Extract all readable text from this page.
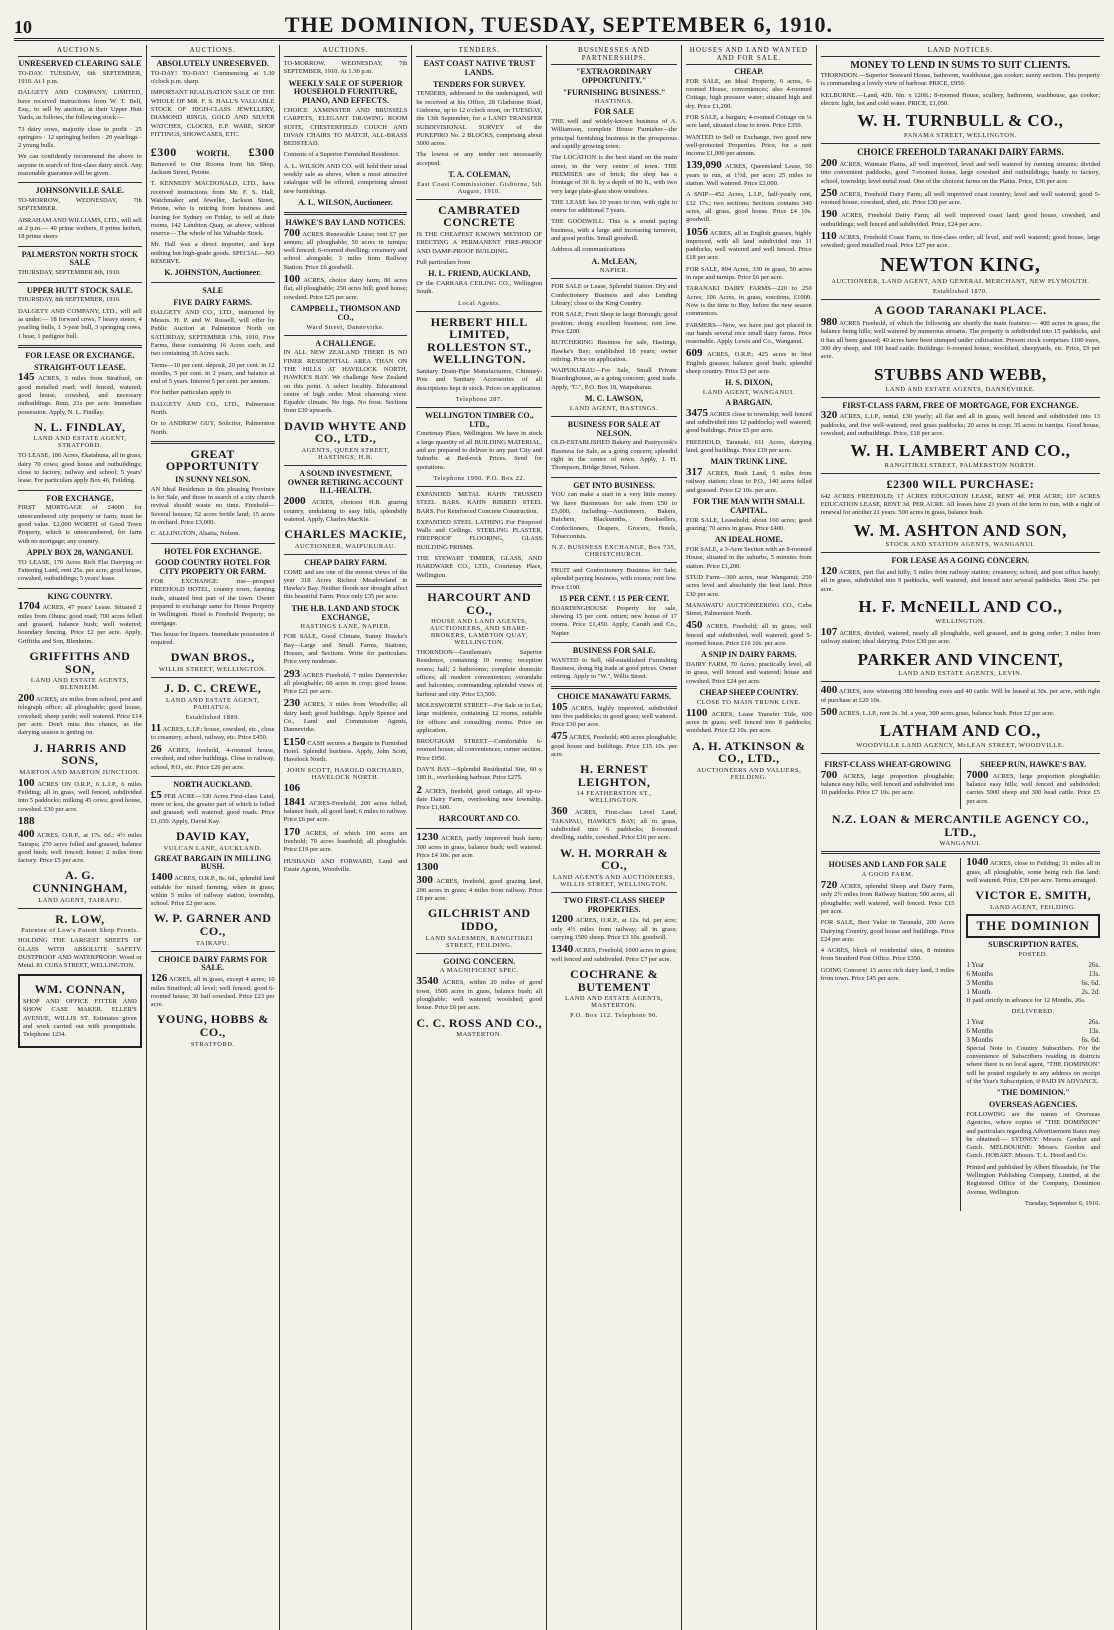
10	THE DOMINION, TUESDAY, SEPTEMBER 6, 1910.
AUCTIONS.
UNRESERVED CLEARING SALE

TO-DAY. TUESDAY, 6th SEPTEMBER, 1910. At 1 p.m.

DALGETY AND COMPANY, LIMITED, have received instructions from W. T. Bell, Esq., to sell by auction, at their Upper Hutt Yards, as follows, the following stock:—

73 dairy cows, majority close to profit · 25 springers · 12 springing heifers · 20 yearlings · 2 young bulls

We can confidently recommend the above to anyone in search of first-class dairy stock. Any reasonable guarantee will be given.

JOHNSONVILLE SALE.

TO-MORROW, WEDNESDAY, 7th SEPTEMBER.

ABRAHAM AND WILLIAMS, LTD., will sell at 2 p.m.— 40 prime wethers, 8 prime heifers, 18 prime steers

PALMERSTON NORTH STOCK SALE

THURSDAY, SEPTEMBER 8th, 1910.

UPPER HUTT STOCK SALE.

THURSDAY, 8th SEPTEMBER, 1910.

DALGETY AND COMPANY, LTD., will sell as under:— 18 forward cows, 7 heavy steers, 4 yearling bulls, 1 3-year bull, 3 springing cows, 1 boar, 1 pedigree bull.

FOR LEASE OR EXCHANGE.
STRAIGHT-OUT LEASE.

145 ACRES, 3 miles from Stratford, on good metalled road; well fenced, watered; good house, cowshed, and necessary outbuildings. Rent, 21s per acre. Immediate possession. Apply, N. L. Findlay.

N. L. FINDLAY,
LAND AND ESTATE AGENT, STRATFORD.

TO LEASE, 186 Acres, Ekatahuna, all in grass; dairy 70 cows; good house and outbuildings; close to factory, railway and school; 5 years' lease. For particulars apply Box 46, Feilding.

FOR EXCHANGE.

FIRST MORTGAGE of £4000 for unencumbered city property or farm; must be good value. £2,000 WORTH of Good Town Property, which is unencumbered, for farm with no mortgage; any country.

APPLY BOX 28, WANGANUI.

TO LEASE, 170 Acres Rich Flat Dairying or Fattening Land, rent 25s. per acre; good house, cowshed, outbuildings; 5 years' lease.

KING COUNTRY.

1704 ACRES, 47 years' Lease. Situated 2 miles from Ohura; good road; 700 acres felled and grassed, balance bush; well watered; boundary fencing. Price £2 per acre. Apply, Griffiths and Son, Blenheim.

GRIFFITHS AND SON,
LAND AND ESTATE AGENTS, BLENHEIM.

200 ACRES, six miles from school, post and telegraph office; all ploughable; good house, cowshed; sheep yards; well watered. Price £14 per acre. Don't miss this chance, as the dairying season is getting on.

J. HARRIS AND SONS,
MARTON AND MARTON JUNCTION.

100 ACRES ON O.R.P., 6 L.I.P., 6 miles Feilding; all in grass, well fenced, subdivided into 5 paddocks; milking 45 cows; good house, cowshed. £30 per acre.

188

400 ACRES, O.R.P., at 17s. 6d.; 4½ miles Tairapu; 270 acres felled and grassed, balance good bush; well fenced; house; 2 miles from factory. Price £5 per acre.

A. G. CUNNINGHAM,
LAND AGENT, TAIRAPU.
R. LOW,
Patentee of Low's Patent Shop Fronts.

HOLDING THE LARGEST SHEETS OF GLASS WITH ABSOLUTE SAFETY. DUSTPROOF AND WATERPROOF. Wood or Metal. 81 CUBA STREET, WELLINGTON.

WM. CONNAN,

SHOP AND OFFICE FITTER AND SHOW CASE MAKER. ELLER'S AVENUE, WILLIS ST. Estimates given and work carried out with promptitude. Telephone 1234.

AUCTIONS.
ABSOLUTELY UNRESERVED.

TO-DAY! TO-DAY! Commencing at 1.30 o'clock p.m. sharp.

IMPORTANT REALISATION SALE OF THE WHOLE OF MR. F. S. HALL'S VALUABLE STOCK OF HIGH-CLASS JEWELLERY, DIAMOND RINGS, GOLD AND SILVER WATCHES, CLOCKS, E.P. WARE, SHOP FITTINGS, SHOWCASES, ETC.

£300 WORTH. £300

Removed to Our Rooms from his Shop, Jackson Street, Petone.

T. KENNEDY MACDONALD, LTD., have received instructions from Mr. F. S. Hall, Watchmaker and Jeweller, Jackson Street, Petone, who is retiring from business and leaving for Sydney on Friday, to sell at their rooms, 142 Lambton Quay, as above, without reserve— The whole of his Valuable Stock.

Mr. Hall was a direct importer, and kept nothing but high-grade goods. SPECIAL—NO RESERVE.

K. JOHNSTON, Auctioneer.
SALE
FIVE DAIRY FARMS.

DALGETY AND CO., LTD., instructed by Messrs. H. P. and W. Russell, will offer by Public Auction at Palmerston North on SATURDAY, SEPTEMBER 17th, 1910, Five Farms, these containing 16 Acres each, and two containing 35 Acres each.

Terms—10 per cent. deposit, 20 per cent. in 12 months, 5 per cent. in 2 years, and balance at end of 5 years. Interest 5 per cent. per annum.

For further particulars apply to

DALGETY AND CO., LTD., Palmerston North.

Or to ANDREW GUY, Solicitor, Palmerston North.

GREAT OPPORTUNITY
IN SUNNY NELSON.

AN Ideal Residence in this pleasing Province is for Sale, and those in search of a city church revival should waste no time. Freehold—Several houses; 52 acres fertile land; 15 acres in orchard. Price £3,000.

C. ALLINGTON, Alsatia, Nelson.

HOTEL FOR EXCHANGE.
GOOD COUNTRY HOTEL FOR CITY PROPERTY OR FARM.

FOR EXCHANGE: rise—prospect FREEHOLD HOTEL, country town, farming trade, situated best part of the town. Owner prepared to exchange same for House Property in Wellington. Hotel is Freehold Property; no mortgage.

Ties house for liquors. Immediate possession if required.

DWAN BROS.,
WILLIS STREET, WELLINGTON.
J. D. C. CREWE,
LAND AND ESTATE AGENT, PAHIATUA.
Established 1889.

11 ACRES, L.I.P.; house, cowshed, etc., close to creamery, school, railway, etc. Price £450.

26 ACRES, freehold, 4-roomed house, cowshed, and other buildings. Close to railway, school, P.O., etc. Price £26 per acre.

NORTH AUCKLAND.

£5 PER ACRE—330 Acres First-class Land, more or less, the greater part of which is felled and grassed; well watered; good roads. Price £1,650. Apply, David Kay.

DAVID KAY,
VULCAN LANE, AUCKLAND.
GREAT BARGAIN IN MILLING BUSH.

1400 ACRES, O.R.P., 8s. 6d., splendid land suitable for mixed farming, when in grass; within 5 miles of railway station, township, school. Price £2 per acre.

W. P. GARNER AND CO.,
TAIRAPU.
CHOICE DAIRY FARMS FOR SALE.

126 ACRES, all in grass, except 4 acres; 10 miles Stratford; all level; well fenced; good 6-roomed house; 30 bail cowshed. Price £23 per acre.

YOUNG, HOBBS & CO.,
STRATFORD.
AUCTIONS.

TO-MORROW. WEDNESDAY, 7th SEPTEMBER, 1910. At 1.30 p.m.

WEEKLY SALE OF SUPERIOR HOUSEHOLD FURNITURE, PIANO, AND EFFECTS.

CHOICE AXMINSTER AND BRUSSELS CARPETS, ELEGANT DRAWING ROOM SUITE, CHESTERFIELD COUCH AND DIVAN CHAIRS TO MATCH, ALL-BRASS BEDSTEAD.

Contents of a Superior Furnished Residence.

A. L. WILSON AND CO. will hold their usual weekly sale as above, when a most attractive catalogue will be offered, comprising almost new furnishings.

A. L. WILSON, Auctioneer.
HAWKE'S BAY LAND NOTICES.

700 ACRES Renewable Lease; rent £7 per annum; all ploughable; 50 acres in turnips; well fenced; 6-roomed dwelling; creamery and school alongside; 3 miles from Railway Station. Price £6 goodwill.

100 ACRES, choice dairy farm; 80 acres flat, all ploughable; 250 acres hill; good house; cowshed. Price £25 per acre.

CAMPBELL, THOMSON AND CO.,
Ward Street, Dannevirke.
A CHALLENGE.

IN ALL NEW ZEALAND THERE IS NO FINER RESIDENTIAL AREA THAN ON THE HILLS AT HAVELOCK NORTH, HAWKE'S BAY. We challenge New Zealand on this point. A select locality. Educational centre of high order. Most charming view. Equable climate. No fogs. No frost. Sections from £30 upwards.

DAVID WHYTE AND CO., LTD.,
AGENTS, QUEEN STREET, HASTINGS, H.B.
A SOUND INVESTMENT, OWNER RETIRING ACCOUNT ILL-HEALTH.

2000 ACRES, choicest H.B. grazing country, undulating to easy hills, splendidly watered. Apply, Charles MacKie.

CHARLES MACKIE,
AUCTIONEER, WAIPUKURAU.
CHEAP DAIRY FARM.

COME and see one of the merest views of the year 318 Acres Richest Meadowland in Hawke's Bay. Neither floods nor drought affect this beautiful Farm. Price only £35 per acre.

THE H.B. LAND AND STOCK EXCHANGE,
HASTINGS LANE, NAPIER.

FOR SALE, Good Climate, Sunny Hawke's Bay—Large and Small Farms, Stations, Houses, and Sections. Write for particulars. Price very moderate.

293 ACRES Freehold, 7 miles Dannevirke; all ploughable; 60 acres in crop; good house. Price £21 per acre.

230 ACRES, 3 miles from Woodville; all dairy land; good buildings. Apply Spence and Co., Land and Commission Agents, Dannevirke.

£150 CASH secures a Bargain in Furnished Hotel. Splendid business. Apply, John Scott, Havelock North.

JOHN SCOTT, HAROLD ORCHARD, HAVELOCK NORTH.

106

1841 ACRES-Freehold, 200 acres felled, balance bush, all good land; 6 miles to railway. Price £6 per acre.

170 ACRES, of which 100 acres are freehold; 70 acres leasehold; all ploughable. Price £19 per acre.

HUSBAND AND FORWARD, Land and Estate Agents, Woodville.

TENDERS.
EAST COAST NATIVE TRUST LANDS.
TENDERS FOR SURVEY.

TENDERS, addressed to the undersigned, will be received at his Office, 28 Gladstone Road, Gisborne, up to 12 o'clock noon, on TUESDAY, the 13th September, for a LAND TRANSFER SUBDIVISIONAL SURVEY of the PUKEPIRO No. 2 BLOCKS, comprising about 3000 acres.

The lowest or any tender not necessarily accepted.

T. A. COLEMAN,
East Coast Commissioner. Gisborne, 5th August, 1910.
CAMBRATED CONCRETE

IS THE CHEAPEST KNOWN METHOD OF ERECTING A PERMANENT FIRE-PROOF AND DAMP-PROOF BUILDING.

Full particulars from

H. L. FRIEND, AUCKLAND,

Or the CARRARA CEILING CO., Wellington South.

Local Agents.
HERBERT HILL LIMITED, ROLLESTON ST., WELLINGTON.

Sanitary Drain-Pipe Manufacturers, Chimney-Pots and Sanitary Accessories of all descriptions kept in stock. Prices on application.

Telephone 287.
WELLINGTON TIMBER CO., LTD.,

Courtenay Place, Wellington. We have in stock a large quantity of all BUILDING MATERIAL, and are prepared to deliver to any part City and Suburbs at Bed-rock Prices. Send for quotations.

Telephone 1990. P.O. Box 22.

EXPANDED METAL KAHN TRUSSED STEEL BARS. KAHN RIBBED STEEL BARS. For Reinforced Concrete Construction.

EXPANDED STEEL LATHING For Fireproof Walls and Ceilings. STERLING PLASTER, FIREPROOF FLOORING, GLASS BUILDING PRISMS.

THE STEWART TIMBER, GLASS, AND HARDWARE CO., LTD., Courtenay Place, Wellington.

HARCOURT AND CO.,
HOUSE AND LAND AGENTS, AUCTIONEERS, AND SHARE-BROKERS, LAMBTON QUAY, WELLINGTON.

THORNDON—Gentleman's Superior Residence, containing 10 rooms; reception rooms; hall; 2 bathrooms; complete domestic offices; all modern conveniences; verandahs and balconies, commanding splendid views of harbour and city. Price £3,500.

MOLESWORTH STREET—For Sale or to Let, large residence, containing 12 rooms, suitable for offices and consulting rooms. Price on application.

BROUGHAM STREET—Comfortable 6-roomed house; all conveniences; corner section. Price £950.

DAY'S BAY—Splendid Residential Site, 60 x 180 ft., overlooking harbour. Price £275.

2 ACRES, freehold, good cottage, all up-to-date Dairy Farm, overlooking new township. Price £1,600.

HARCOURT AND CO.

1230 ACRES, partly improved bush farm; 300 acres in grass, balance bush; well watered. Price £4 10s. per acre.

1300

300 ACRES, freehold, good grazing land, 200 acres in grass; 4 miles from railway. Price £8 per acre.

GILCHRIST AND IDDO,
LAND SALESMEN, RANGITIKEI STREET, FEILDING.
GOING CONCERN.
A MAGNIFICENT SPEC.

3540 ACRES, within 20 miles of good town, 1500 acres in grass, balance bush; all ploughable; well watered; woolshed; good house. Price £6 per acre.

C. C. ROSS AND CO.,
MASTERTON.
BUSINESSES AND PARTNERSHIPS.
"EXTRAORDINARY OPPORTUNITY."
"FURNISHING BUSINESS."
HASTINGS.
FOR SALE

THE well and widely-known business of A. Williamson, complete House Furnisher—the principal furnishing business in the prosperous and rapidly growing town.

The LOCATION is the best stand on the main street, in the very centre of town. THE PREMISES are of brick; the shop has a frontage of 30 ft. by a depth of 80 ft., with two very large plate-glass show windows.

THE LEASE has 10 years to run, with right to renew for additional 7 years.

THE GOODWILL: This is a sound paying business, with a large and increasing turnover, and good profits. Small goodwill.

Address all communications

A. McLEAN,
NAPIER.

FOR SALE or Lease, Splendid Station. Dry and Confectionery Business and also Lending Library; close to the King Country.

FOR SALE, Fruit Shop in large Borough; good position; doing excellent business; rent low. Price £200.

BUTCHERING Business for sale, Hastings, Hawke's Bay; established 18 years; owner retiring. Price on application.

WAIPUKURAU—For Sale, Small Private Boardinghouse, as a going concern; good trade. Apply, "C.", P.O. Box 18, Waipukurau.

M. C. LAWSON,
LAND AGENT, HASTINGS.
BUSINESS FOR SALE AT NELSON.

OLD-ESTABLISHED Bakery and Pastrycook's Business for Sale, as a going concern; splendid right in the centre of town. Apply, J. H. Thompson, Bridge Street, Nelson.

GET INTO BUSINESS.

YOU can make a start in a very little money. We have Businesses for sale from £50 to £5,000, including—Auctioneers, Bakers, Butchers, Blacksmiths, Booksellers, Confectioners, Drapers, Grocers, Hotels, Tobacconists.

N.Z. BUSINESS EXCHANGE, Box 735, CHRISTCHURCH.

FRUIT and Confectionery Business for Sale; splendid paying business, with rooms; rent low. Price £100.

15 PER CENT. ! 15 PER CENT.

BOARDINGHOUSE Property for sale, showing 15 per cent. return; new house of 17 rooms. Price £1,450. Apply, Caruth and Co., Napier.

BUSINESS FOR SALE.

WANTED to Sell, old-established Furnishing Business, doing big trade at good prices. Owner retiring. Apply to "W.", Willis Street.

CHOICE MANAWATU FARMS.

105 ACRES, highly improved, subdivided into five paddocks; in good grass; well watered. Price £30 per acre.

475 ACRES, Freehold; 400 acres ploughable; good house and buildings. Price £15 10s. per acre.

H. ERNEST LEIGHTON,
14 FEATHERSTON ST., WELLINGTON.

360 ACRES, First-class Level Land, TAKAPAU, HAWKE'S BAY; all in grass, subdivided into 6 paddocks; 8-roomed dwelling, stable, cowshed. Price £16 per acre.

W. H. MORRAH & CO.,
LAND AGENTS AND AUCTIONEERS, WILLIS STREET, WELLINGTON.
TWO FIRST-CLASS SHEEP PROPERTIES.

1200 ACRES, O.R.P., at 12s. 6d. per acre; only 4½ miles from railway; all in grass; carrying 1500 sheep. Price £3 10s. goodwill.

1340 ACRES, Freehold, 1000 acres in grass; well fenced and subdivided. Price £7 per acre.

COCHRANE & BUTEMENT
LAND AND ESTATE AGENTS, MASTERTON.
P.O. Box 112. Telephone 90.
HOUSES AND LAND WANTED AND FOR SALE.
CHEAP.

FOR SALE, an Ideal Property, 6 acres, 6-roomed House, conveniences; also 4-roomed Cottage, high pressure water; situated high and dry. Price £1,200.

FOR SALE, a bargain, 4-roomed Cottage on ¼ acre land, situated close to town. Price £350.

WANTED to Sell or Exchange, two good new well-protected Properties. Price, for a nett income £1,000 per annum.

139,090 ACRES, Queensland Lease, 50 years to run, at 1½d. per acre; 25 miles to station. Well watered. Price £2,000.

A SNIP—452 Acres, L.I.P., half-yearly rent, £32 17s.; two sections; Sections contains 340 acres, all grass, good house. Price £4 10s. goodwill.

1056 ACRES, all in English grasses, highly improved, with all land subdivided into 11 paddocks, well watered and well fenced. Price £18 per acre.

FOR SALE, 804 Acres, 330 in grass, 50 acres in rape and turnips. Price £6 per acre.

TARANAKI DAIRY FARMS—220 to 250 Acres; 106 Acres, in grass, erections, £1000. Now is the time to Buy, before the new season commences.

FARMERS—Now, we have just got placed in our hands several nice small dairy farms. Price reasonable. Apply Lewis and Co., Wanganui.

609 ACRES, O.R.P.; 425 acres in best English grasses; balance good bush; splendid sheep country. Price £3 per acre.

H. S. DIXON,
LAND AGENT, WANGANUI.
A BARGAIN.

3475 ACRES close to township; well fenced and subdivided into 12 paddocks; well watered; good buildings. Price £5 per acre.

FREEHOLD, Taranaki, 611 Acres, dairying land, good buildings. Price £19 per acre.

MAIN TRUNK LINE.

317 ACRES, Bush Land, 5 miles from railway station; close to P.O., 140 acres felled and grassed. Price £2 10s. per acre.

FOR THE MAN WITH SMALL CAPITAL.

FOR SALE, Leasehold; about 160 acres; good grazing; 70 acres in grass. Price £400.

AN IDEAL HOME.

FOR SALE, a 3-Acre Section with an 8-roomed House, situated in the suburbs, 5 minutes from station. Price £1,200.

STUD Farm—300 acres, near Wanganui; 250 acres level and absolutely the best land. Price £30 per acre.

MANAWATU AUCTIONEERING CO., Cuba Street, Palmerston North.

450 ACRES, Freehold; all in grass; well fenced and subdivided, well watered; good 5-roomed house. Price £16 10s. per acre.

A SNIP IN DAIRY FARMS.

DAIRY FARM, 70 Acres, practically level, all in grass, well fenced and watered; house and cowshed. Price £24 per acre.

CHEAP SHEEP COUNTRY.
CLOSE TO MAIN TRUNK LINE.

1100 ACRES, Lease Transfer Title, 600 acres in grass; well fenced into 8 paddocks; woolshed. Price £2 10s. per acre.

A. H. ATKINSON & CO., LTD.,
AUCTIONEERS AND VALUERS, FEILDING.
LAND NOTICES.
MONEY TO LEND IN SUMS TO SUIT CLIENTS.

THORNDON.—Superior Seaward House, bathroom, washhouse, gas cooker; sunny section. This property is commanding a lovely view of harbour. PRICE, £950.

KELBURNE.—Land, 42ft. 6in. x 120ft.; 8-roomed House, scullery, bathroom, washhouse, gas cooker; electric light, hot and cold water. PRICE, £1,050.

W. H. TURNBULL & CO.,
PANAMA STREET, WELLINGTON.
CHOICE FREEHOLD TARANAKI DAIRY FARMS.

200 ACRES, Waimate Plains, all well improved, level and well watered by running streams; divided into convenient paddocks, good 7-roomed house, large cowshed and outbuildings; handy to factory, school, township; level metal road. One of the choicest farms on the Plains. Price, £36 per acre.

250 ACRES, Freehold Dairy Farm; all well improved coast country; level and well watered; good 5-roomed house, cowshed, shed, etc. Price £30 per acre.

190 ACRES, Freehold Dairy Farm; all well improved coast land; good house, cowshed, and outbuildings; well fenced and subdivided. Price, £24 per acre.

110 ACRES, Freehold Coast Farm, in first-class order; all level, and well watered; good house, large cowshed; good metalled road. Price £27 per acre.

NEWTON KING,
AUCTIONEER, LAND AGENT, AND GENERAL MERCHANT, NEW PLYMOUTH.
Established 1870.
A GOOD TARANAKI PLACE.

980 ACRES Freehold, of which the following are shortly the main features:— 400 acres in grass, the balance being hills; well watered by numerous streams. The property is subdivided into 15 paddocks, and it has all been grassed; 40 acres have been stumped under cultivation. Present stock comprises 1100 ewes, 300 dry sheep, and 100 head cattle. Buildings: 6-roomed house, woolshed, sheepyards, etc. Price, £9 per acre.

STUBBS AND WEBB,
LAND AND ESTATE AGENTS, DANNEVIRKE.
FIRST-CLASS FARM, FREE OF MORTGAGE, FOR EXCHANGE.

320 ACRES, L.I.P., rental, £30 yearly; all flat and all in grass, well fenced and subdivided into 13 paddocks, and five well-watered, reed grass paddocks; 20 acres in crop; 35 acres in turnips. Good house, cowshed, and outbuildings. Price, £18 per acre.

W. H. LAMBERT AND CO.,
RANGITIKEI STREET, PALMERSTON NORTH.
£2300 WILL PURCHASE:

642 ACRES FREEHOLD; 17 ACRES EDUCATION LEASE, RENT 4d. PER ACRE; 107 ACRES EDUCATION LEASE, RENT 3d. PER ACRE. All leases have 21 years of the term to run, with a right of renewal for another 21 years. 500 acres in grass, balance bush.

W. M. ASHTON AND SON,
STOCK AND STATION AGENTS, WANGANUI.
FOR LEASE AS A GOING CONCERN.

120 ACRES, part flat and hilly, 5 miles from railway station; creamery, school, and post office handy; all in grass, subdivided into 9 paddocks, well watered, and fenced into several paddocks. Rent 25s. per acre.

H. F. McNEILL AND CO.,
WELLINGTON.

107 ACRES, divided, watered, nearly all ploughable, well grassed, and in going order; 3 miles from railway station; ideal dairying. Price £30 per acre.

PARKER AND VINCENT,
LAND AND ESTATE AGENTS, LEVIN.

400 ACRES, now wintering 380 breeding ewes and 40 cattle. Will be leased at 30s. per acre, with right of purchase at £20 10s.

500 ACRES, L.I.P., rent 2s. 3d. a year, 300 acres grass, balance bush. Price £2 per acre.

LATHAM AND CO.,
WOODVILLE LAND AGENCY, McLEAN STREET, WOODVILLE.
FIRST-CLASS WHEAT-GROWING

700 ACRES, large proportion ploughable; balance easy hills; well fenced and subdivided into 10 paddocks. Price £7 10s. per acre.

SHEEP RUN, HAWKE'S BAY.

7000 ACRES, large proportion ploughable; balance easy hills; well fenced and subdivided; carries 5000 sheep and 300 head cattle. Price £5 per acre.

N.Z. LOAN & MERCANTILE AGENCY CO., LTD.,
WANGANUI.
HOUSES AND LAND FOR SALE
A GOOD FARM.

720 ACRES, splendid Sheep and Dairy Farm, only 2½ miles from Railway Station; 500 acres, all ploughable; well watered, well fenced. Price £15 per acre.

FOR SALE, Best Value in Taranaki, 200 Acres Dairying Country, good house and buildings. Price £24 per acre.

4 ACRES, block of residential sites, 8 minutes from Stratford Post Office. Price £350.

GOING Concern! 15 acres rich dairy land, 3 miles from town. Price £45 per acre.

1040 ACRES, close to Feilding; 31 miles all in grass, all ploughable, some being rich flat land; well watered. Price, £39 per acre. Terms arranged.

VICTOR E. SMITH,
LAND AGENT, FEILDING.
THE DOMINION
SUBSCRIPTION RATES.
POSTED.
1 Year	26s.
6 Months	13s.
3 Months	6s. 6d.
1 Month	2s. 2d.

If paid strictly in advance for 12 Months, 26s.

DELIVERED.
1 Year	26s.
6 Months	13s.
3 Months	6s. 6d.

Special Note to Country Subscribers. For the convenience of Subscribers residing in districts where there is no local agent, "THE DOMINION" will be posted regularly to any address on receipt of the Year's Subscription, if PAID IN ADVANCE.

"THE DOMINION."
OVERSEAS AGENCIES.

FOLLOWING are the names of Overseas Agencies, where copies of "THE DOMINION" and particulars regarding Advertisement Rates may be obtained:— SYDNEY: Messrs. Gordon and Gotch. MELBOURNE: Messrs. Gordon and Gotch. HOBART: Messrs. T. L. Hood and Co.

Printed and published by Albert Bleasdale, for The Wellington Publishing Company, Limited, at the Registered Office of the Company, Dominion Avenue, Wellington.

Tuesday, September 6, 1910.
